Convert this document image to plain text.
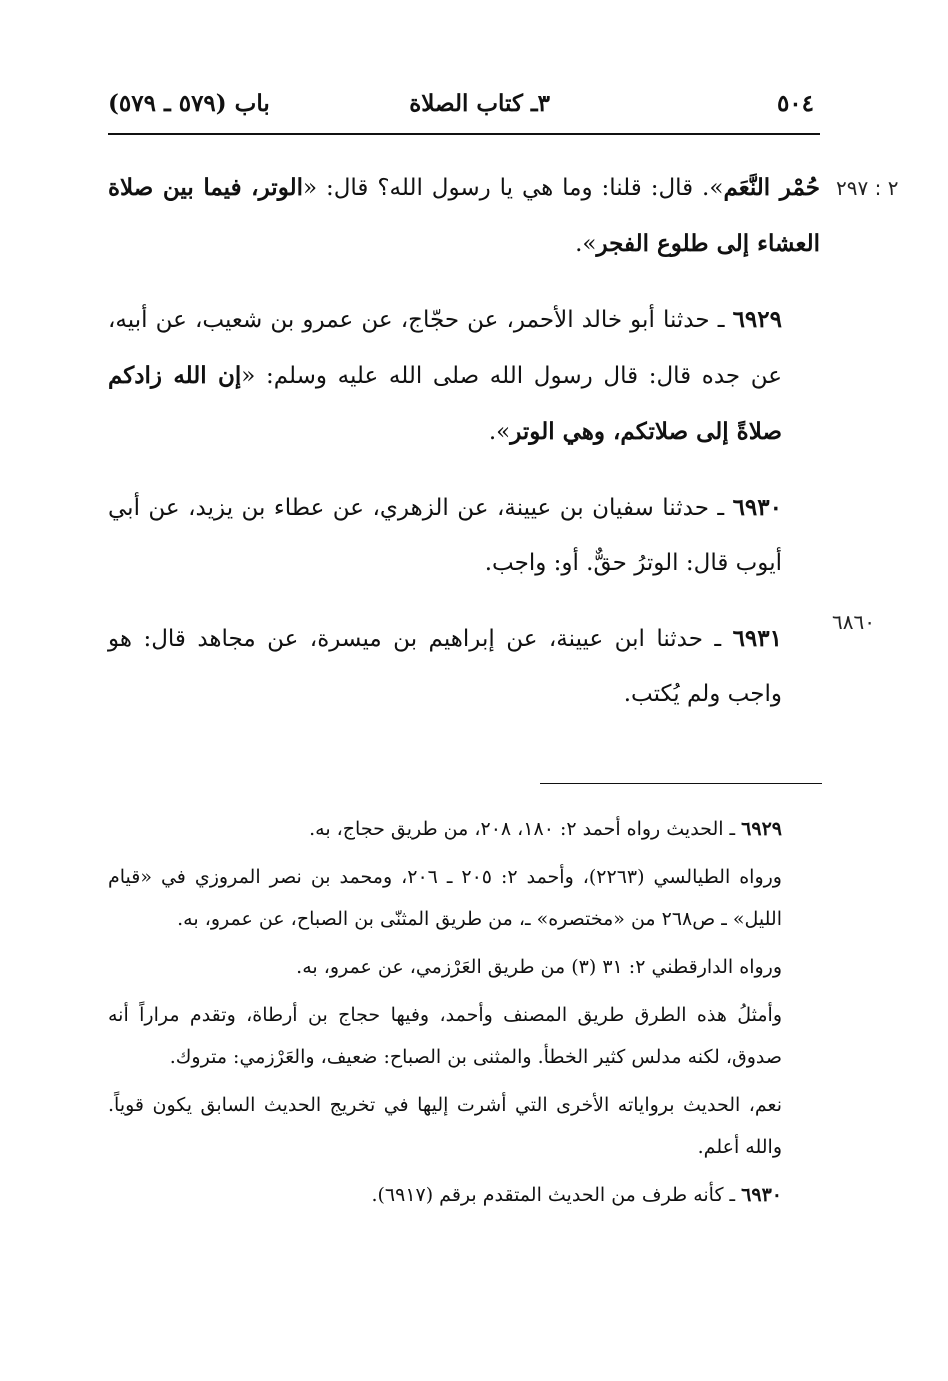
٥٠٤
٣ـ كتاب الصلاة
باب (٥٧٩ ـ ٥٧٩)
٢ : ٢٩٧
٦٨٦٠

حُمْر النَّعَم». قال: قلنا: وما هي يا رسول الله؟ قال: «الوتر، فيما بين صلاة العشاء إلى طلوع الفجر».

٦٩٢٩ ـ حدثنا أبو خالد الأحمر، عن حجّاج، عن عمرو بن شعيب، عن أبيه، عن جده قال: قال رسول الله صلى الله عليه وسلم: «إن الله زادكم صلاةً إلى صلاتكم، وهي الوتر».

٦٩٣٠ ـ حدثنا سفيان بن عيينة، عن الزهري، عن عطاء بن يزيد، عن أبي أيوب قال: الوترُ حقٌّ. أو: واجب.

٦٩٣١ ـ حدثنا ابن عيينة، عن إبراهيم بن ميسرة، عن مجاهد قال: هو واجب ولم يُكتب.

٦٩٢٩ ـ الحديث رواه أحمد ٢: ١٨٠، ٢٠٨، من طريق حجاج، به.

ورواه الطيالسي (٢٢٦٣)، وأحمد ٢: ٢٠٥ ـ ٢٠٦، ومحمد بن نصر المروزي في «قيام الليل» ـ ص٢٦٨ من «مختصره» ـ، من طريق المثنّى بن الصباح، عن عمرو، به.

ورواه الدارقطني ٢: ٣١ (٣) من طريق العَرْزمي، عن عمرو، به.

وأمثلُ هذه الطرق طريق المصنف وأحمد، وفيها حجاج بن أرطاة، وتقدم مراراً أنه صدوق، لكنه مدلس كثير الخطأ. والمثنى بن الصباح: ضعيف، والعَرْزمي: متروك.

نعم، الحديث برواياته الأخرى التي أشرت إليها في تخريج الحديث السابق يكون قوياً. والله أعلم.

٦٩٣٠ ـ كأنه طرف من الحديث المتقدم برقم (٦٩١٧).
